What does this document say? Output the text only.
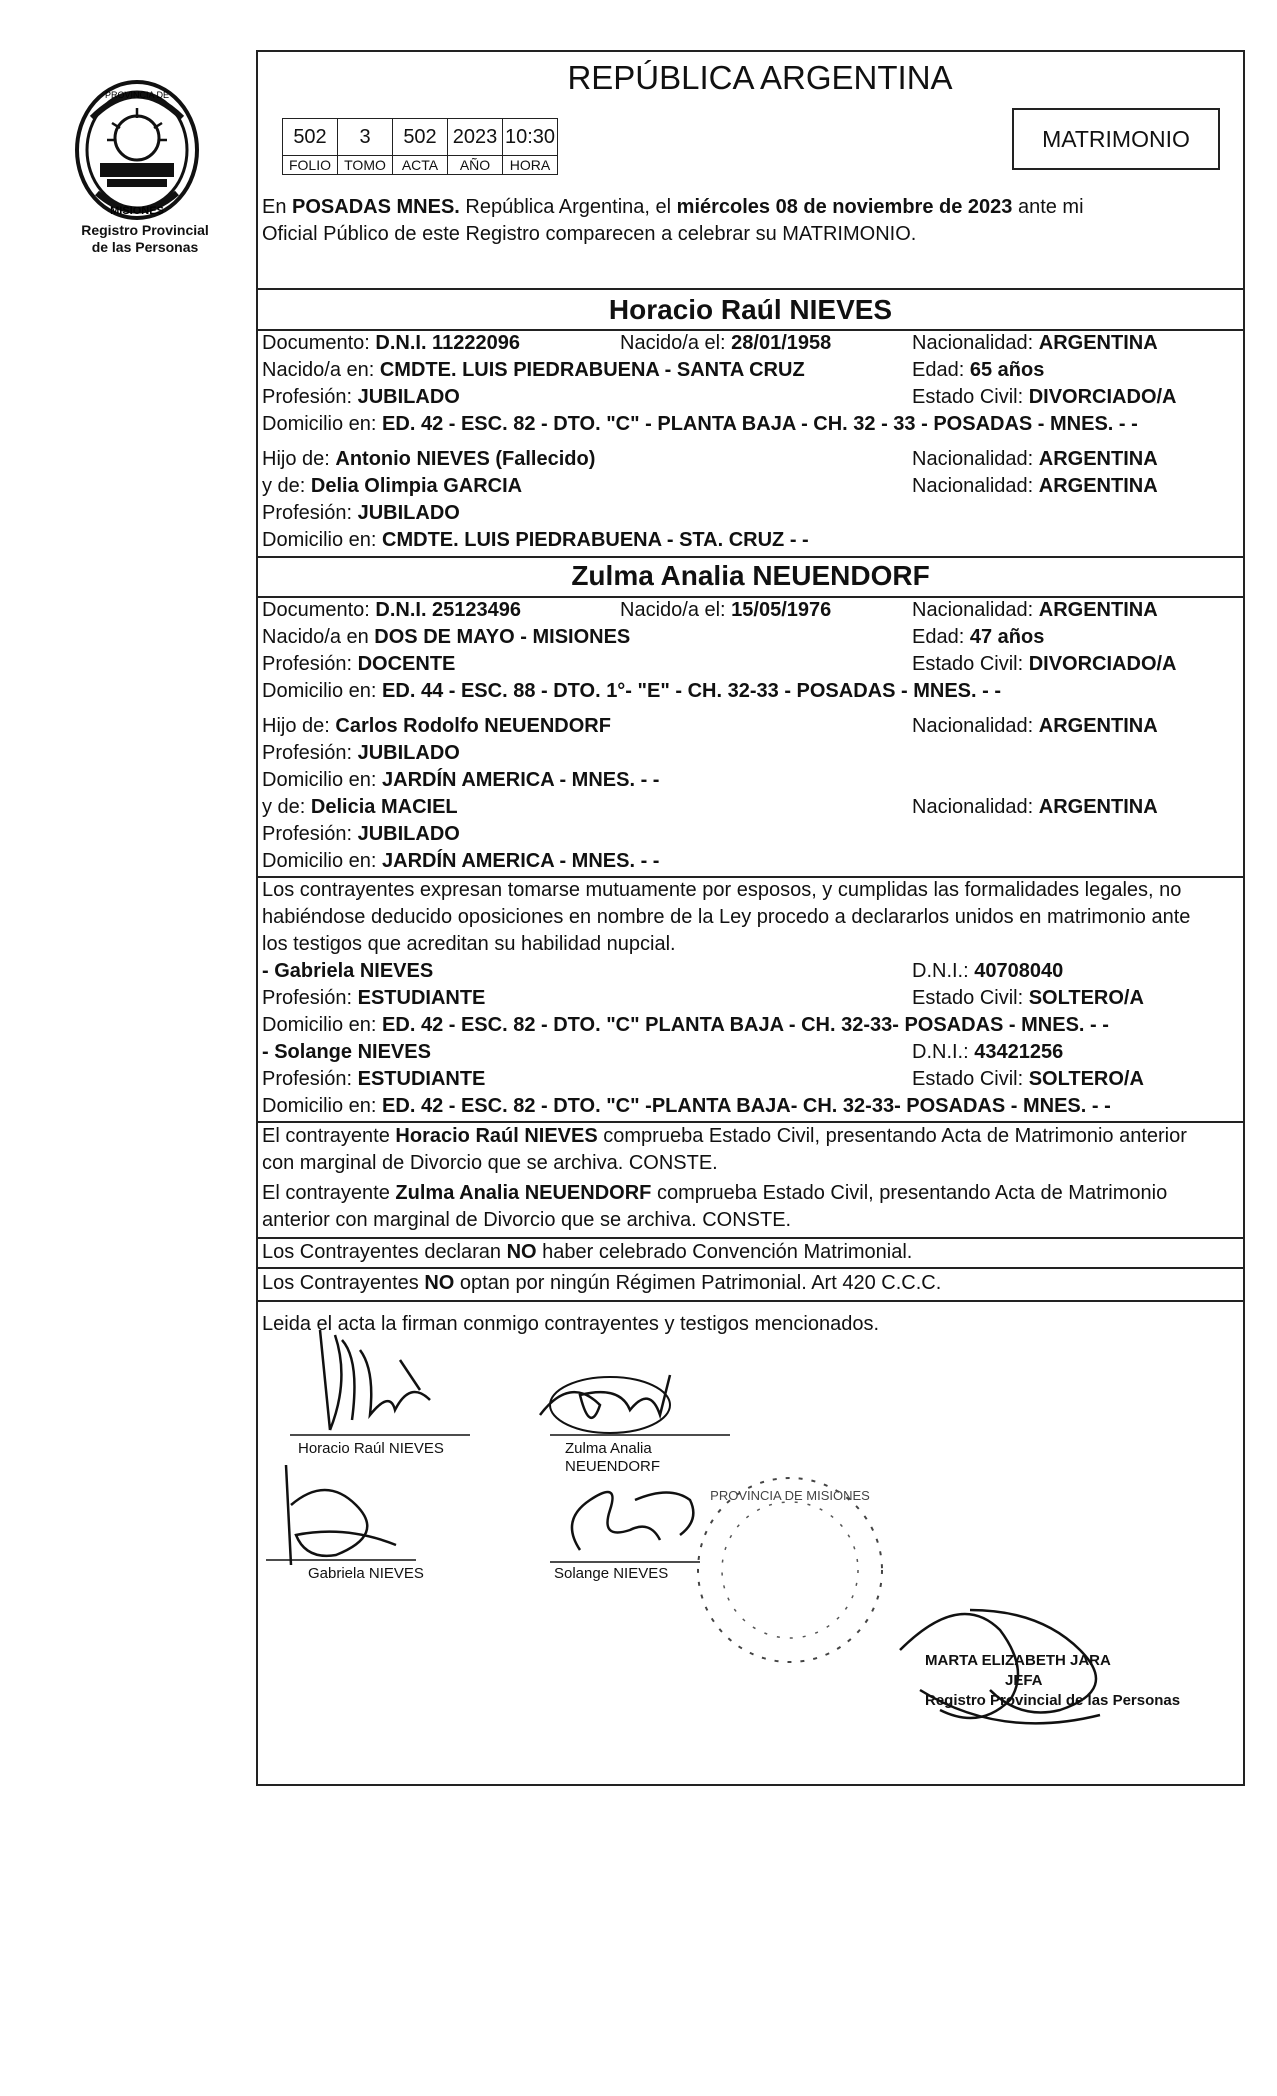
PROVINCIA DE
MISIONES
Registro Provincial
de las Personas
REPÚBLICA ARGENTINA
MATRIMONIO
502	3	502	2023	10:30
FOLIO	TOMO	ACTA	AÑO	HORA
En POSADAS MNES. República Argentina, el miércoles 08 de noviembre de 2023 ante mi
Oficial Público de este Registro comparecen a celebrar su MATRIMONIO.
Horacio Raúl NIEVES
Documento: D.N.I. 11222096	Nacido/a el: 28/01/1958	Nacionalidad: ARGENTINA
Nacido/a en: CMDTE. LUIS PIEDRABUENA - SANTA CRUZ	Edad: 65 años
Profesión: JUBILADO	Estado Civil: DIVORCIADO/A
Domicilio en: ED. 42 - ESC. 82 - DTO. "C" - PLANTA BAJA - CH. 32 - 33 - POSADAS - MNES. - -
Hijo de: Antonio NIEVES (Fallecido)	Nacionalidad: ARGENTINA
y de: Delia Olimpia GARCIA	Nacionalidad: ARGENTINA
Profesión: JUBILADO
Domicilio en: CMDTE. LUIS PIEDRABUENA - STA. CRUZ - -
Zulma Analia NEUENDORF
Documento: D.N.I. 25123496	Nacido/a el: 15/05/1976	Nacionalidad: ARGENTINA
Nacido/a en DOS DE MAYO - MISIONES	Edad: 47 años
Profesión: DOCENTE	Estado Civil: DIVORCIADO/A
Domicilio en: ED. 44 - ESC. 88 - DTO. 1°- "E" - CH. 32-33 - POSADAS - MNES. - -
Hijo de: Carlos Rodolfo NEUENDORF	Nacionalidad: ARGENTINA
Profesión: JUBILADO
Domicilio en: JARDÍN AMERICA - MNES. - -
y de: Delicia MACIEL	Nacionalidad: ARGENTINA
Profesión: JUBILADO
Domicilio en: JARDÍN AMERICA - MNES. - -
Los contrayentes expresan tomarse mutuamente por esposos, y cumplidas las formalidades legales, no
habiéndose deducido oposiciones en nombre de la Ley procedo a declararlos unidos en matrimonio ante
los testigos que acreditan su habilidad nupcial.
- Gabriela NIEVES	D.N.I.: 40708040
Profesión: ESTUDIANTE	Estado Civil: SOLTERO/A
Domicilio en: ED. 42 - ESC. 82 - DTO. "C" PLANTA BAJA - CH. 32-33- POSADAS - MNES. - -
- Solange NIEVES	D.N.I.: 43421256
Profesión: ESTUDIANTE	Estado Civil: SOLTERO/A
Domicilio en: ED. 42 - ESC. 82 - DTO. "C" -PLANTA BAJA- CH. 32-33- POSADAS - MNES. - -
El contrayente Horacio Raúl NIEVES comprueba Estado Civil, presentando Acta de Matrimonio anterior
con marginal de Divorcio que se archiva. CONSTE.
El contrayente Zulma Analia NEUENDORF comprueba Estado Civil, presentando Acta de Matrimonio
anterior con marginal de Divorcio que se archiva. CONSTE.
Los Contrayentes declaran NO haber celebrado Convención Matrimonial.
Los Contrayentes NO optan por ningún Régimen Patrimonial. Art 420 C.C.C.
Leida el acta la firman conmigo contrayentes y testigos mencionados.
Horacio Raúl NIEVES	Zulma Analia
NEUENDORF
Gabriela NIEVES	Solange NIEVES
PROVINCIA DE MISIONES
MARTA ELIZABETH JARA
JEFA
Registro Provincial de las Personas
